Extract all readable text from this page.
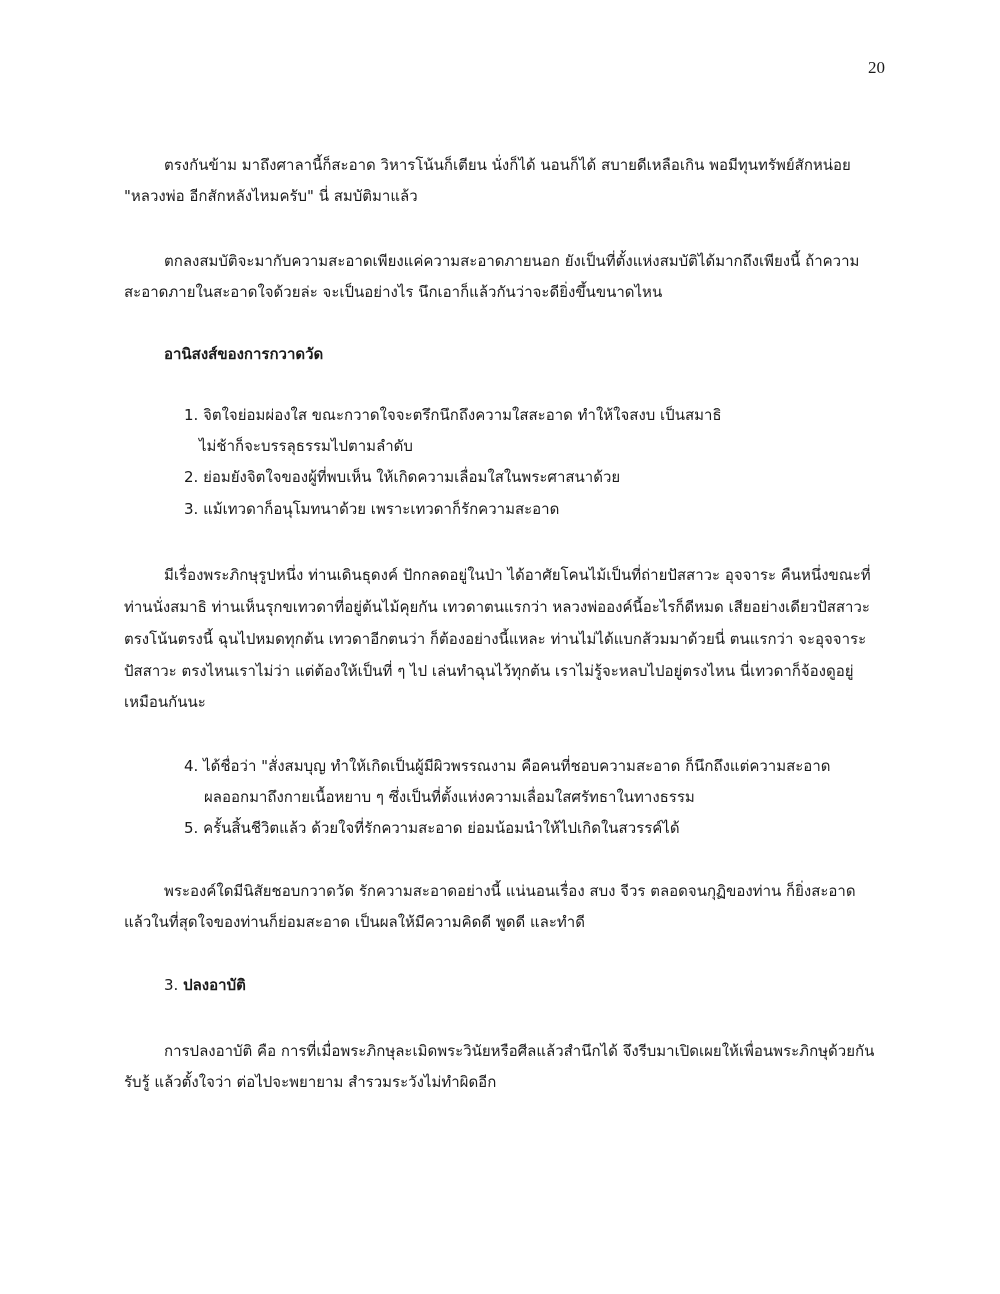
20
ตรงกันข้าม มาถึงศาลานี้ก็สะอาด วิหารโน้นก็เตียน นั่งก็ได้ นอนก็ได้ สบายดีเหลือเกิน พอมีทุนทรัพย์สักหน่อย
"หลวงพ่อ อีกสักหลังไหมครับ" นี่ สมบัติมาแล้ว
ตกลงสมบัติจะมากับความสะอาดเพียงแค่ความสะอาดภายนอก ยังเป็นที่ตั้งแห่งสมบัติได้มากถึงเพียงนี้ ถ้าความ
สะอาดภายในสะอาดใจด้วยล่ะ จะเป็นอย่างไร นึกเอาก็แล้วกันว่าจะดียิ่งขึ้นขนาดไหน
อานิสงส์ของการกวาดวัด
1. จิตใจย่อมผ่องใส ขณะกวาดใจจะตรึกนึกถึงความใสสะอาด ทำให้ใจสงบ เป็นสมาธิ
ไม่ช้าก็จะบรรลุธรรมไปตามลำดับ
2. ย่อมยังจิตใจของผู้ที่พบเห็น ให้เกิดความเลื่อมใสในพระศาสนาด้วย
3. แม้เทวดาก็อนุโมทนาด้วย เพราะเทวดาก็รักความสะอาด
มีเรื่องพระภิกษุรูปหนึ่ง ท่านเดินธุดงค์ ปักกลดอยู่ในป่า ได้อาศัยโคนไม้เป็นที่ถ่ายปัสสาวะ อุจจาระ คืนหนึ่งขณะที่
ท่านนั่งสมาธิ ท่านเห็นรุกขเทวดาที่อยู่ต้นไม้คุยกัน เทวดาตนแรกว่า หลวงพ่อองค์นี้อะไรก็ดีหมด เสียอย่างเดียวปัสสาวะ
ตรงโน้นตรงนี้ ฉุนไปหมดทุกต้น เทวดาอีกตนว่า ก็ต้องอย่างนี้แหละ ท่านไม่ได้แบกส้วมมาด้วยนี่ ตนแรกว่า จะอุจจาระ
ปัสสาวะ ตรงไหนเราไม่ว่า แต่ต้องให้เป็นที่ ๆ ไป เล่นทำฉุนไว้ทุกต้น เราไม่รู้จะหลบไปอยู่ตรงไหน นี่เทวดาก็จ้องดูอยู่
เหมือนกันนะ
4. ได้ชื่อว่า "สั่งสมบุญ ทำให้เกิดเป็นผู้มีผิวพรรณงาม คือคนที่ชอบความสะอาด ก็นึกถึงแต่ความสะอาด
ผลออกมาถึงกายเนื้อหยาบ ๆ ซึ่งเป็นที่ตั้งแห่งความเลื่อมใสศรัทธาในทางธรรม
5. ครั้นสิ้นชีวิตแล้ว ด้วยใจที่รักความสะอาด ย่อมน้อมนำให้ไปเกิดในสวรรค์ได้
พระองค์ใดมีนิสัยชอบกวาดวัด รักความสะอาดอย่างนี้ แน่นอนเรื่อง สบง จีวร ตลอดจนกุฏิของท่าน ก็ยิ่งสะอาด
แล้วในที่สุดใจของท่านก็ย่อมสะอาด เป็นผลให้มีความคิดดี พูดดี และทำดี
3. ปลงอาบัติ
การปลงอาบัติ คือ การที่เมื่อพระภิกษุละเมิดพระวินัยหรือศีลแล้วสำนึกได้ จึงรีบมาเปิดเผยให้เพื่อนพระภิกษุด้วยกัน
รับรู้ แล้วตั้งใจว่า ต่อไปจะพยายาม สำรวมระวังไม่ทำผิดอีก
